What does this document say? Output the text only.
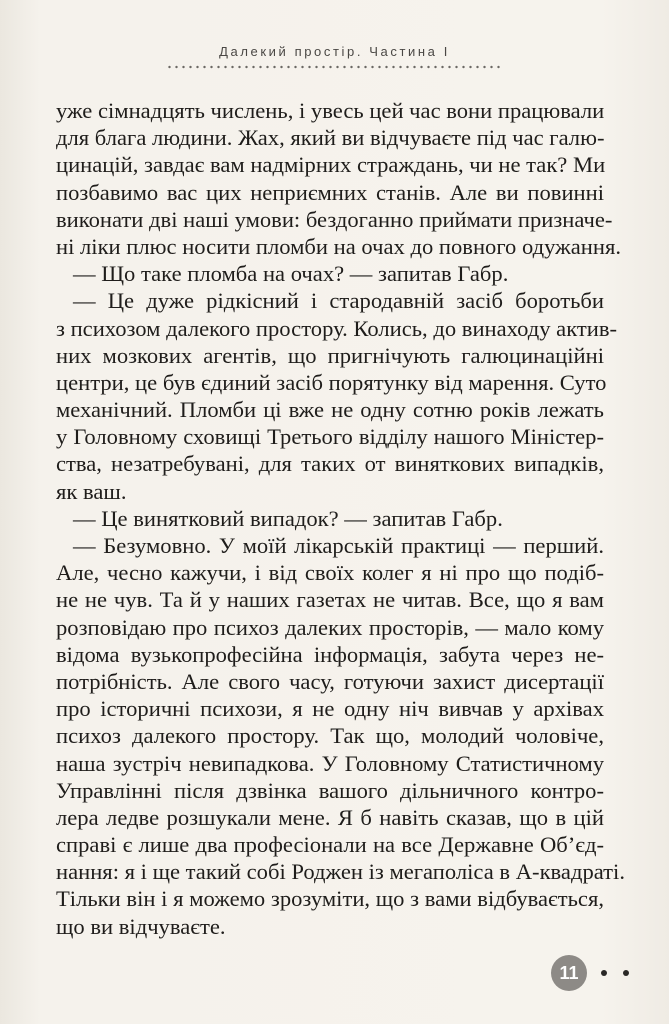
Далекий простір. Частина І
уже сімнадцять числень, і увесь цей час вони працювали
для блага людини. Жах, який ви відчуваєте під час галю-
цинацій, завдає вам надмірних страждань, чи не так? Ми
позбавимо вас цих неприємних станів. Але ви повинні
виконати дві наші умови: бездоганно приймати призначе-
ні ліки плюс носити пломби на очах до повного одужання.
— Що таке пломба на очах? — запитав Габр.
— Це дуже рідкісний і стародавній засіб боротьби
з психозом далекого простору. Колись, до винаходу актив-
них мозкових агентів, що пригнічують галюцинаційні
центри, це був єдиний засіб порятунку від марення. Суто
механічний. Пломби ці вже не одну сотню років лежать
у Головному сховищі Третього відділу нашого Міністер-
ства, незатребувані, для таких от виняткових випадків,
як ваш.
— Це винятковий випадок? — запитав Габр.
— Безумовно. У моїй лікарській практиці — перший.
Але, чесно кажучи, і від своїх колег я ні про що подіб-
не не чув. Та й у наших газетах не читав. Все, що я вам
розповідаю про психоз далеких просторів, — мало кому
відома вузькопрофесійна інформація, забута через не-
потрібність. Але свого часу, готуючи захист дисертації
про історичні психози, я не одну ніч вивчав у архівах
психоз далекого простору. Так що, молодий чоловіче,
наша зустріч невипадкова. У Головному Статистичному
Управлінні після дзвінка вашого дільничного контро-
лера ледве розшукали мене. Я б навіть сказав, що в цій
справі є лише два професіонали на все Державне Об’єд-
нання: я і ще такий собі Роджен із мегаполіса в А-квадраті.
Тільки він і я можемо зрозуміти, що з вами відбувається,
що ви відчуваєте.
11
